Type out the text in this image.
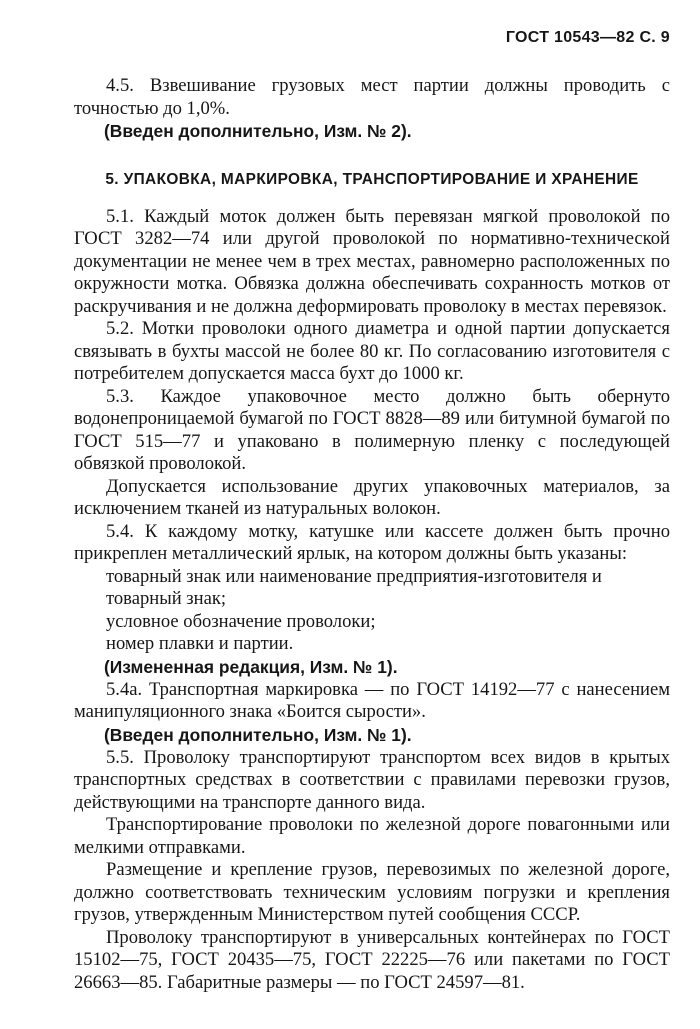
ГОСТ 10543—82 С. 9

4.5. Взвешивание грузовых мест партии должны проводить с точностью до 1,0%.

(Введен дополнительно, Изм. № 2).

5. УПАКОВКА, МАРКИРОВКА, ТРАНСПОРТИРОВАНИЕ И ХРАНЕНИЕ

5.1. Каждый моток должен быть перевязан мягкой проволокой по ГОСТ 3282—74 или другой проволокой по нормативно-технической документации не менее чем в трех местах, равномерно расположенных по окружности мотка. Обвязка должна обеспечивать сохранность мотков от раскручивания и не должна деформировать проволоку в местах перевязок.

5.2. Мотки проволоки одного диаметра и одной партии допускается связывать в бухты массой не более 80 кг. По согласованию изготовителя с потребителем допускается масса бухт до 1000 кг.

5.3. Каждое упаковочное место должно быть обернуто водонепроницаемой бумагой по ГОСТ 8828—89 или битумной бумагой по ГОСТ 515—77 и упаковано в полимерную пленку с последующей обвязкой проволокой.

Допускается использование других упаковочных материалов, за исключением тканей из натуральных волокон.

5.4. К каждому мотку, катушке или кассете должен быть прочно прикреплен металлический ярлык, на котором должны быть указаны:

товарный знак или наименование предприятия-изготовителя и товарный знак;

условное обозначение проволоки;

номер плавки и партии.

(Измененная редакция, Изм. № 1).

5.4а. Транспортная маркировка — по ГОСТ 14192—77 с нанесением манипуляционного знака «Боится сырости».

(Введен дополнительно, Изм. № 1).

5.5. Проволоку транспортируют транспортом всех видов в крытых транспортных средствах в соответствии с правилами перевозки грузов, действующими на транспорте данного вида.

Транспортирование проволоки по железной дороге повагонными или мелкими отправками.

Размещение и крепление грузов, перевозимых по железной дороге, должно соответствовать техническим условиям погрузки и крепления грузов, утвержденным Министерством путей сообщения СССР.

Проволоку транспортируют в универсальных контейнерах по ГОСТ 15102—75, ГОСТ 20435—75, ГОСТ 22225—76 или пакетами по ГОСТ 26663—85. Габаритные размеры — по ГОСТ 24597—81.
